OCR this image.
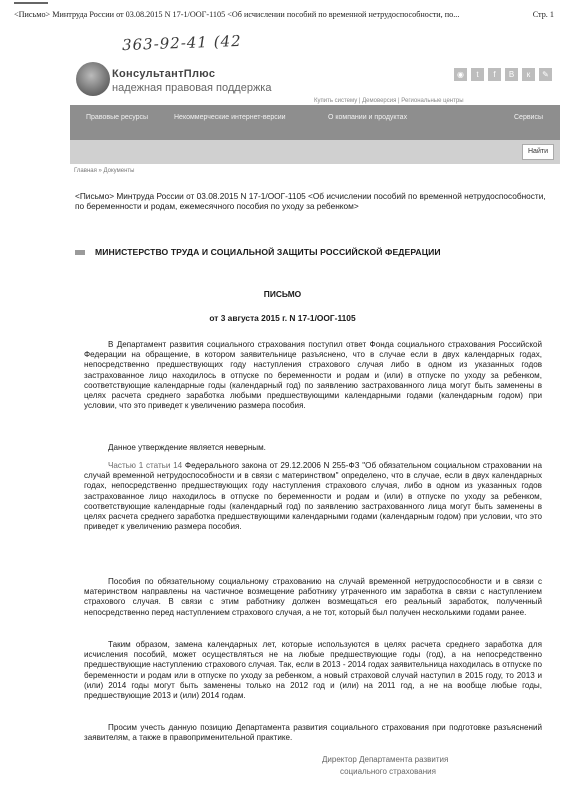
<Письмо> Минтруда России от 03.08.2015 N 17-1/ООГ-1105 <Об исчислении пособий по временной нетрудоспособности, по...	Стр. 1
363-92-41 (42
КонсультантПлюс
надежная правовая поддержка
◉	t	f	B	к	✎
Купить систему | Демоверсия | Региональные центры
Правовые ресурсы	Некоммерческие интернет-версии	О компании и продуктах	Сервисы
Найти
Главная » Документы
<Письмо> Минтруда России от 03.08.2015 N 17-1/ООГ-1105 <Об исчислении пособий по временной нетрудоспособности, по беременности и родам, ежемесячного пособия по уходу за ребенком>
МИНИСТЕРСТВО ТРУДА И СОЦИАЛЬНОЙ ЗАЩИТЫ РОССИЙСКОЙ ФЕДЕРАЦИИ
ПИСЬМО
от 3 августа 2015 г. N 17-1/ООГ-1105
В Департамент развития социального страхования поступил ответ Фонда социального страхования Российской Федерации на обращение, в котором заявительнице разъяснено, что в случае если в двух календарных годах, непосредственно предшествующих году наступления страхового случая либо в одном из указанных годов застрахованное лицо находилось в отпуске по беременности и родам и (или) в отпуске по уходу за ребенком, соответствующие календарные годы (календарный год) по заявлению застрахованного лица могут быть заменены в целях расчета среднего заработка любыми предшествующими календарными годами (календарным годом) при условии, что это приведет к увеличению размера пособия.
Данное утверждение является неверным.
Частью 1 статьи 14 Федерального закона от 29.12.2006 N 255-ФЗ "Об обязательном социальном страховании на случай временной нетрудоспособности и в связи с материнством" определено, что в случае, если в двух календарных годах, непосредственно предшествующих году наступления страхового случая, либо в одном из указанных годов застрахованное лицо находилось в отпуске по беременности и родам и (или) в отпуске по уходу за ребенком, соответствующие календарные годы (календарный год) по заявлению застрахованного лица могут быть заменены в целях расчета среднего заработка предшествующими календарными годами (календарным годом) при условии, что это приведет к увеличению размера пособия.
Пособия по обязательному социальному страхованию на случай временной нетрудоспособности и в связи с материнством направлены на частичное возмещение работнику утраченного им заработка в связи с наступлением страхового случая. В связи с этим работнику должен возмещаться его реальный заработок, полученный непосредственно перед наступлением страхового случая, а не тот, который был получен несколькими годами ранее.
Таким образом, замена календарных лет, которые используются в целях расчета среднего заработка для исчисления пособий, может осуществляться не на любые предшествующие годы (год), а на непосредственно предшествующие наступлению страхового случая. Так, если в 2013 - 2014 годах заявительница находилась в отпуске по беременности и родам или в отпуске по уходу за ребенком, а новый страховой случай наступил в 2015 году, то 2013 и (или) 2014 годы могут быть заменены только на 2012 год и (или) на 2011 год, а не на вообще любые годы, предшествующие 2013 и (или) 2014 годам.
Просим учесть данную позицию Департамента развития социального страхования при подготовке разъяснений заявителям, а также в правоприменительной практике.
Директор Департамента развития
социального страхования
